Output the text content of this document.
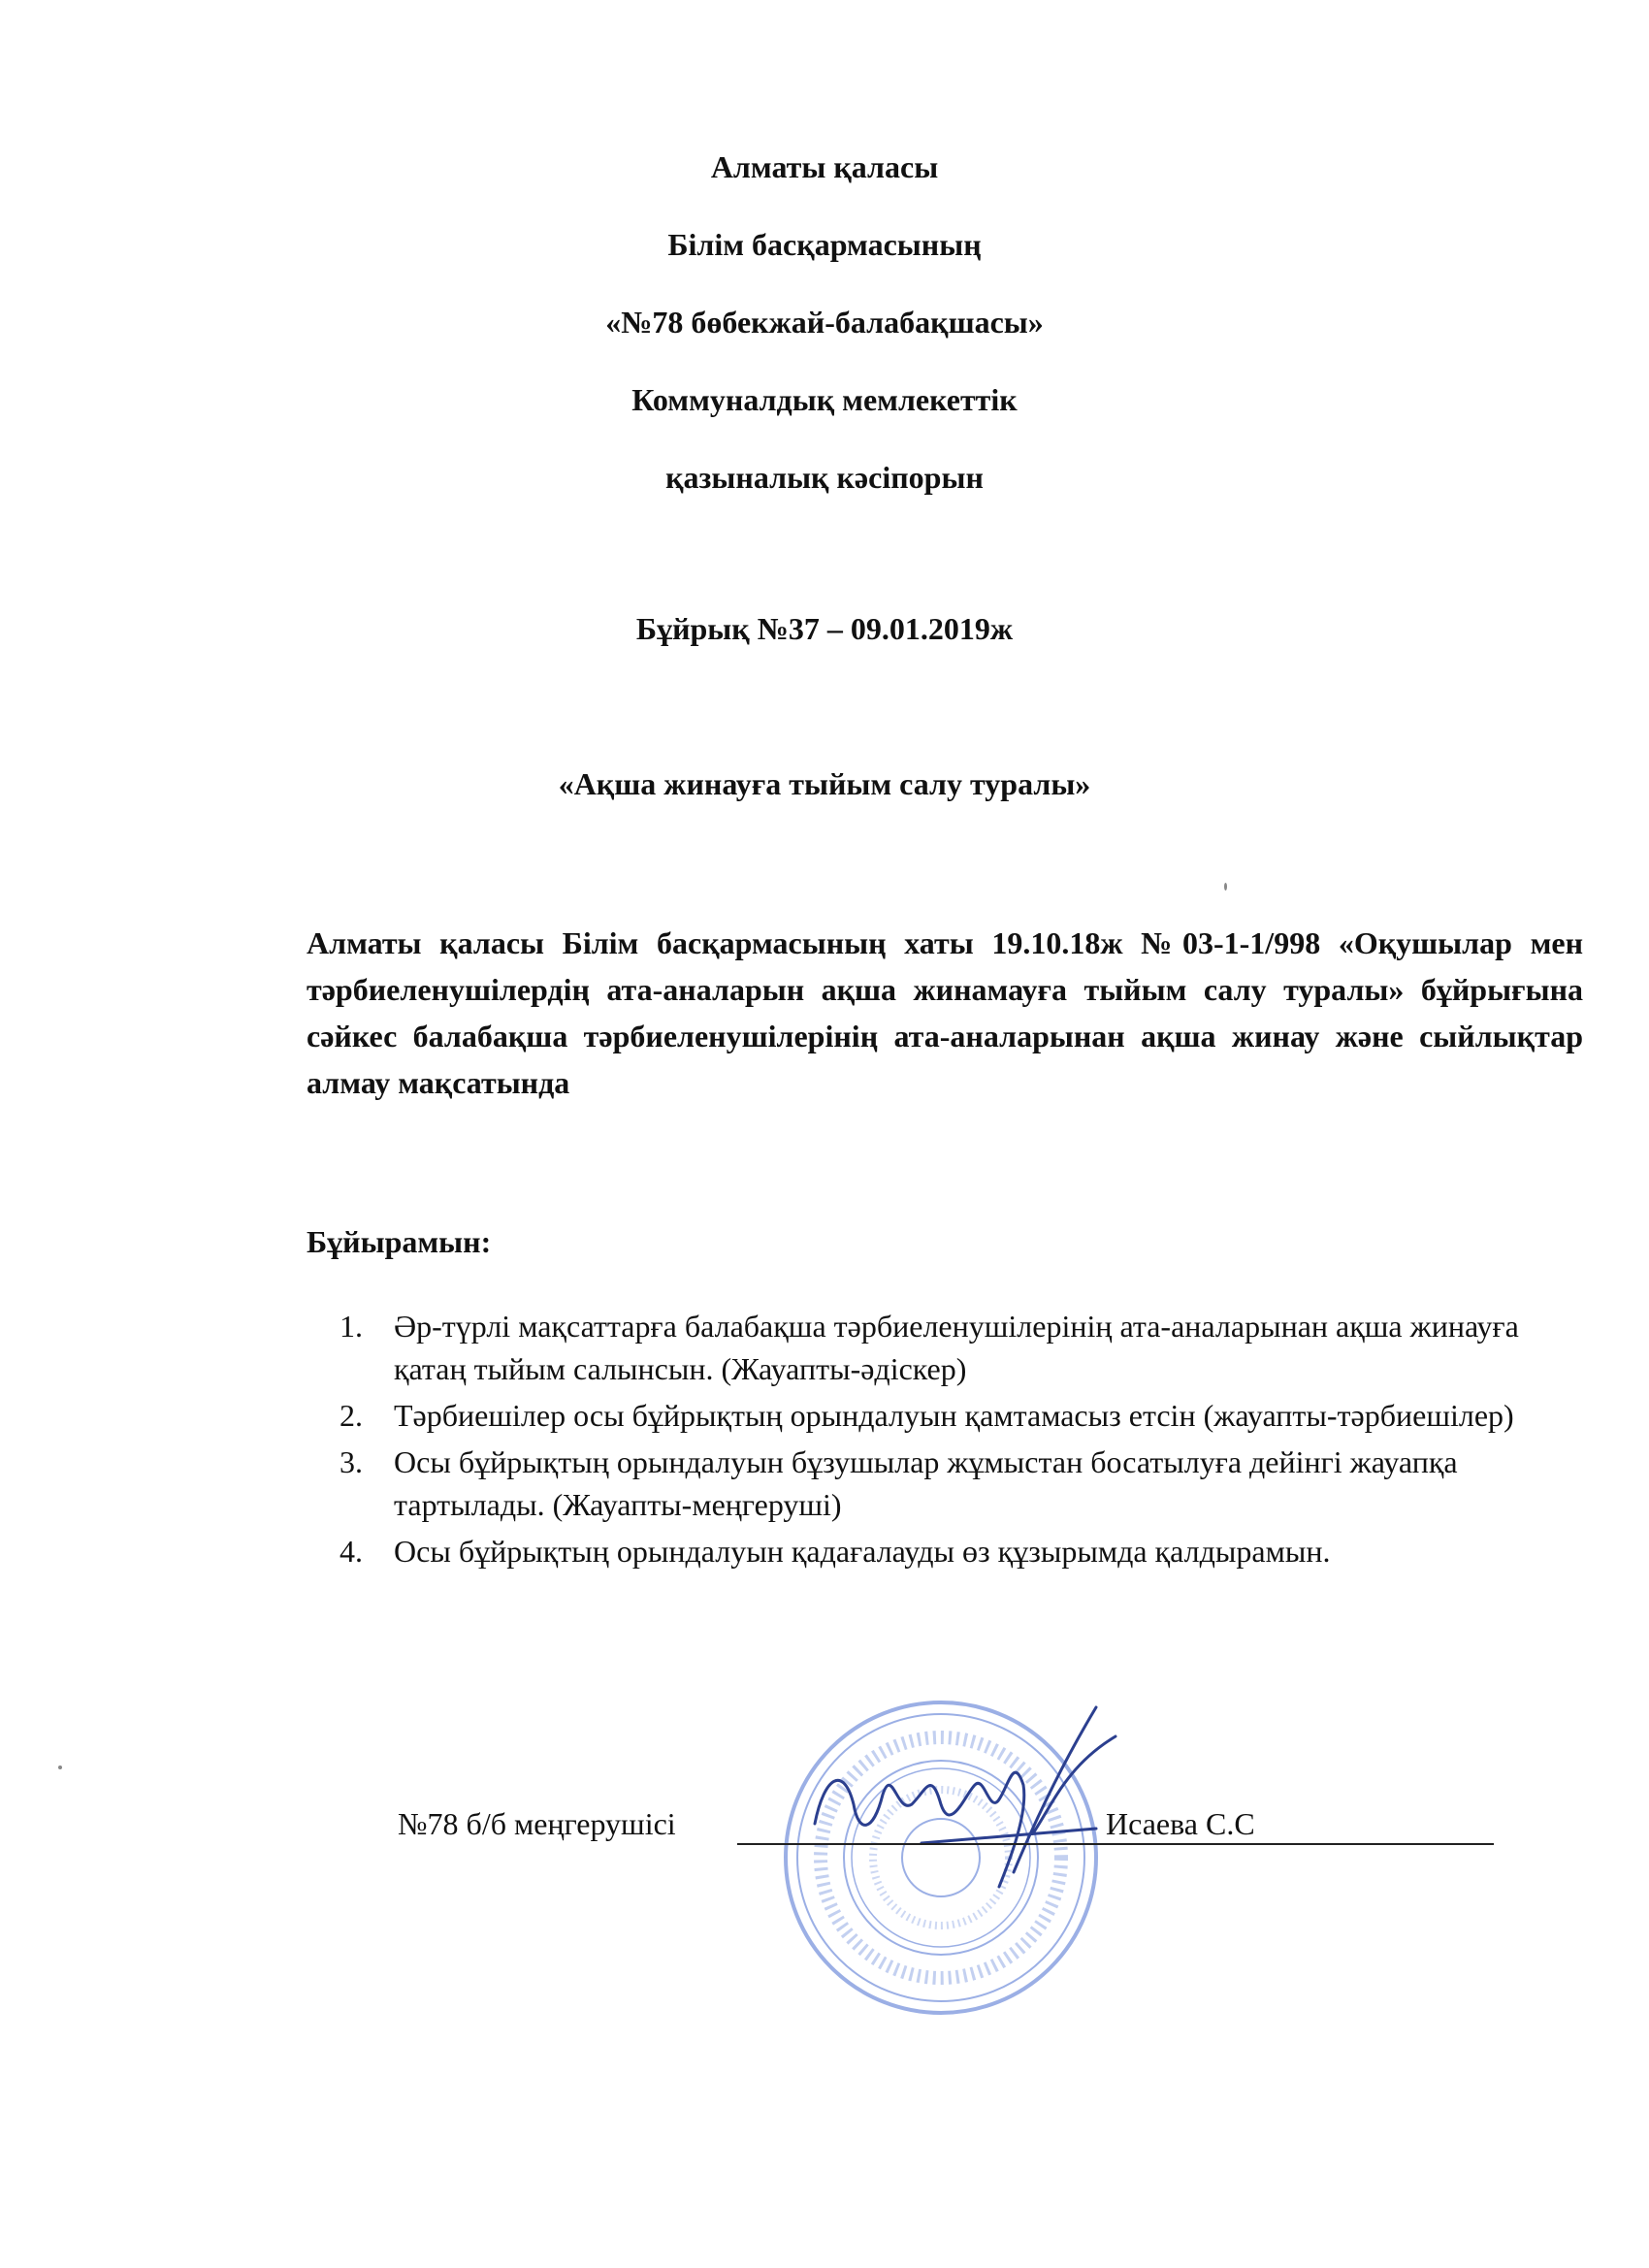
Алматы қаласы
Білім басқармасының
«№78 бөбекжай-балабақшасы»
Коммуналдық мемлекеттік
қазыналық кәсіпорын
Бұйрық №37 – 09.01.2019ж
«Ақша жинауға тыйым салу туралы»
Алматы қаласы Білім басқармасының хаты 19.10.18ж №03-1-1/998 «Оқушылар мен тәрбиеленушілердің ата-аналарын ақша жинамауға тыйым салу туралы» бұйрығына сәйкес балабақша тәрбиеленушілерінің ата-аналарынан ақша жинау және сыйлықтар алмау мақсатында
Бұйырамын:
1. Әр-түрлі мақсаттарға балабақша тәрбиеленушілерінің ата-аналарынан ақша жинауға қатаң тыйым салынсын. (Жауапты-әдіскер)
2. Тәрбиешілер осы бұйрықтың орындалуын қамтамасыз етсін (жауапты-тәрбиешілер)
3. Осы бұйрықтың орындалуын бұзушылар жұмыстан босатылуға дейінгі жауапқа тартылады. (Жауапты-меңгеруші)
4. Осы бұйрықтың орындалуын қадағалауды өз құзырымда қалдырамын.
№78 б/б меңгерушісі	Исаева С.С
